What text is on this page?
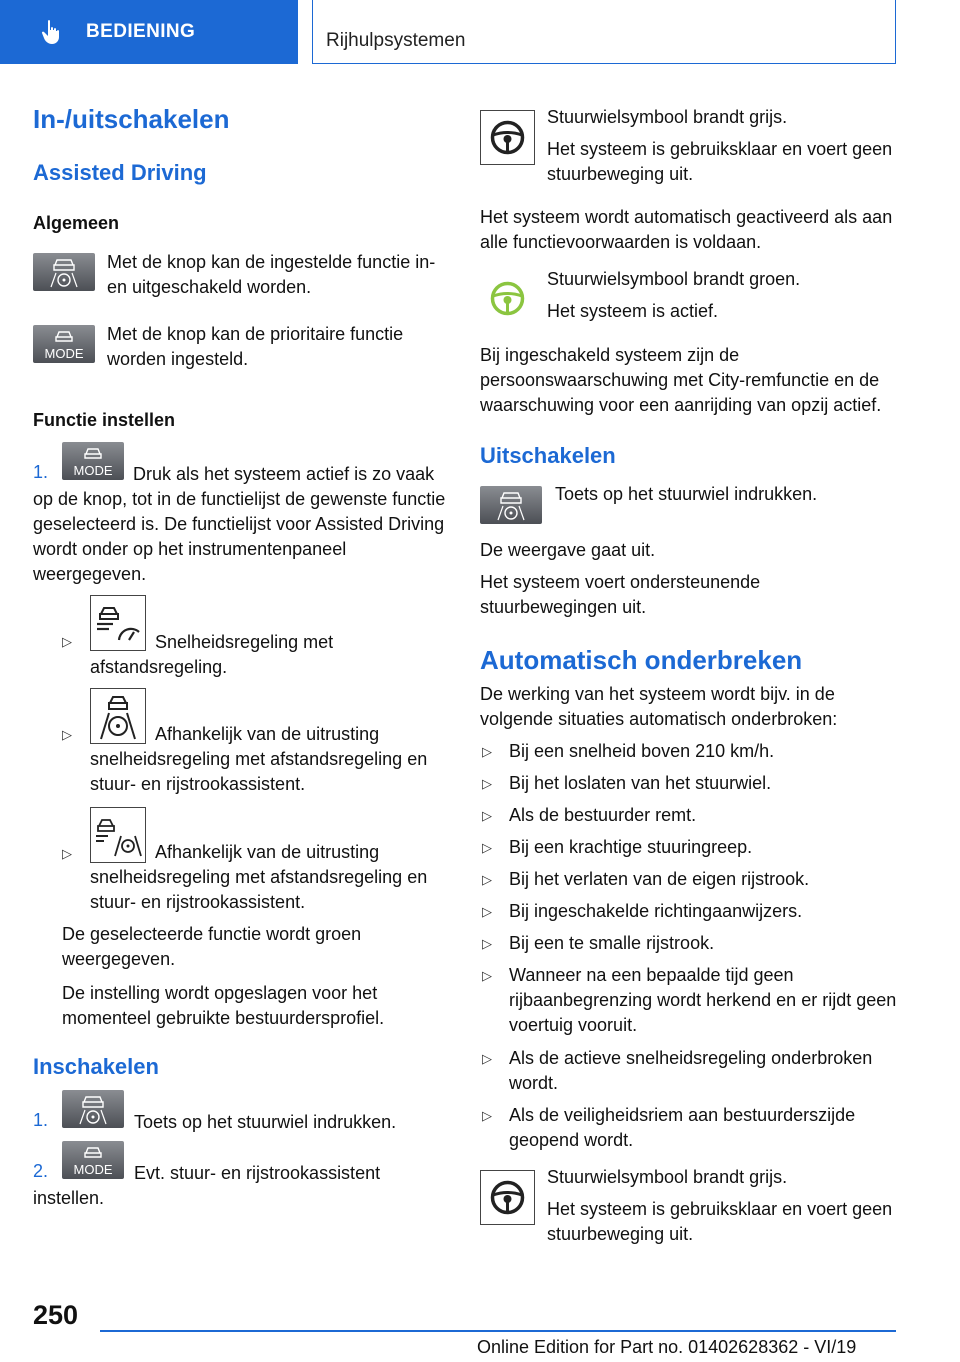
BEDIENING	Rijhulpsystemen
In-/uitschakelen
Assisted Driving
Algemeen
Met de knop kan de ingestelde functie in- en uitgeschakeld worden.
MODE
Met de knop kan de prioritaire functie worden ingesteld.
Functie instellen
1. MODE	Druk als het systeem actief is zo vaak op de knop, tot in de functielijst de gewenste functie geselecteerd is. De functielijst voor Assisted Driving wordt onder op het instrumentenpaneel weergegeven.
▷	Snelheidsregeling met afstandsregeling.
▷	Afhankelijk van de uitrusting snelheidsregeling met afstandsregeling en stuur- en rijstrookassistent.
▷	Afhankelijk van de uitrusting snelheidsregeling met afstandsregeling en stuur- en rijstrookassistent.
De geselecteerde functie wordt groen weergegeven.
De instelling wordt opgeslagen voor het momenteel gebruikte bestuurdersprofiel.
Inschakelen
1.	Toets op het stuurwiel indrukken.
2. MODE	Evt. stuur- en rijstrookassistent instellen.
Stuurwielsymbool brandt grijs.
Het systeem is gebruiksklaar en voert geen stuurbeweging uit.
Het systeem wordt automatisch geactiveerd als aan alle functievoorwaarden is voldaan.
Stuurwielsymbool brandt groen.
Het systeem is actief.
Bij ingeschakeld systeem zijn de persoonswaarschuwing met City-remfunctie en de waarschuwing voor een aanrijding van opzij actief.
Uitschakelen
Toets op het stuurwiel indrukken.
De weergave gaat uit.
Het systeem voert ondersteunende stuurbewegingen uit.
Automatisch onderbreken
De werking van het systeem wordt bijv. in de volgende situaties automatisch onderbroken:
▷ Bij een snelheid boven 210 km/h.
▷ Bij het loslaten van het stuurwiel.
▷ Als de bestuurder remt.
▷ Bij een krachtige stuuringreep.
▷ Bij het verlaten van de eigen rijstrook.
▷ Bij ingeschakelde richtingaanwijzers.
▷ Bij een te smalle rijstrook.
▷ Wanneer na een bepaalde tijd geen rijbaanbegrenzing wordt herkend en er rijdt geen voertuig vooruit.
▷ Als de actieve snelheidsregeling onderbroken wordt.
▷ Als de veiligheidsriem aan bestuurderszijde geopend wordt.
Stuurwielsymbool brandt grijs.
Het systeem is gebruiksklaar en voert geen stuurbeweging uit.
250
Online Edition for Part no. 01402628362 - VI/19
